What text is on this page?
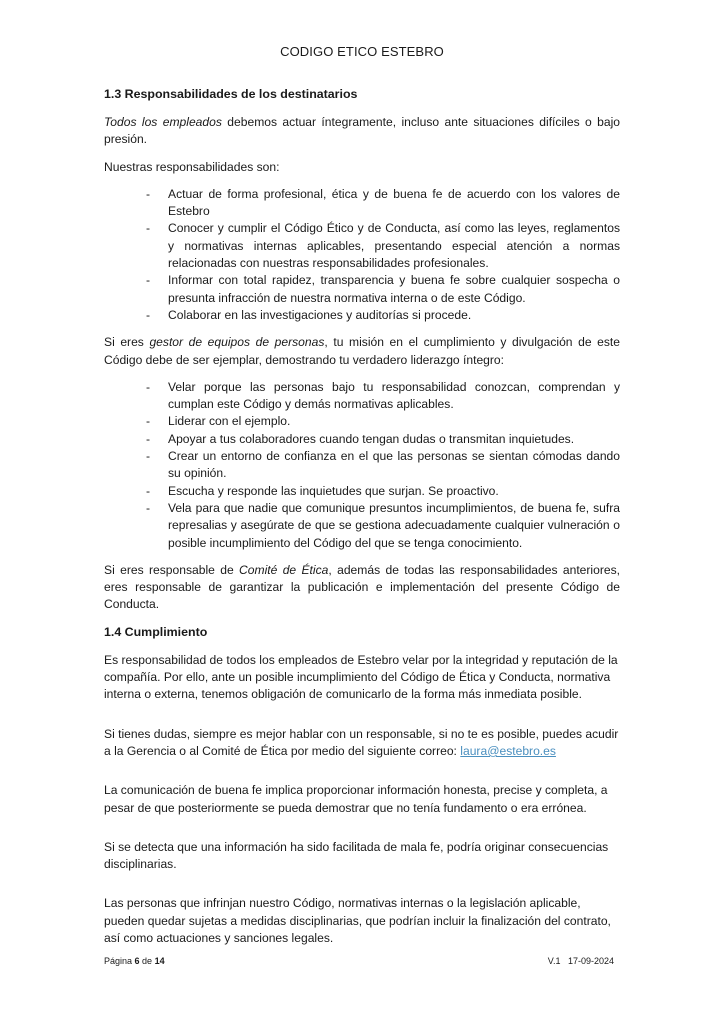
CODIGO ETICO ESTEBRO
1.3 Responsabilidades de los destinatarios

Todos los empleados debemos actuar íntegramente, incluso ante situaciones difíciles o bajo presión.

Nuestras responsabilidades son:

- Actuar de forma profesional, ética y de buena fe de acuerdo con los valores de Estebro
- Conocer y cumplir el Código Ético y de Conducta, así como las leyes, reglamentos y normativas internas aplicables, presentando especial atención a normas relacionadas con nuestras responsabilidades profesionales.
- Informar con total rapidez, transparencia y buena fe sobre cualquier sospecha o presunta infracción de nuestra normativa interna o de este Código.
- Colaborar en las investigaciones y auditorías si procede.

Si eres gestor de equipos de personas, tu misión en el cumplimiento y divulgación de este Código debe de ser ejemplar, demostrando tu verdadero liderazgo íntegro:

- Velar porque las personas bajo tu responsabilidad conozcan, comprendan y cumplan este Código y demás normativas aplicables.
- Liderar con el ejemplo.
- Apoyar a tus colaboradores cuando tengan dudas o transmitan inquietudes.
- Crear un entorno de confianza en el que las personas se sientan cómodas dando su opinión.
- Escucha y responde las inquietudes que surjan. Se proactivo.
- Vela para que nadie que comunique presuntos incumplimientos, de buena fe, sufra represalias y asegúrate de que se gestiona adecuadamente cualquier vulneración o posible incumplimiento del Código del que se tenga conocimiento.

Si eres responsable de Comité de Ética, además de todas las responsabilidades anteriores, eres responsable de garantizar la publicación e implementación del presente Código de Conducta.

1.4 Cumplimiento

Es responsabilidad de todos los empleados de Estebro velar por la integridad y reputación de la compañía. Por ello, ante un posible incumplimiento del Código de Ética y Conducta, normativa interna o externa, tenemos obligación de comunicarlo de la forma más inmediata posible.

Si tienes dudas, siempre es mejor hablar con un responsable, si no te es posible, puedes acudir a la Gerencia o al Comité de Ética por medio del siguiente correo: laura@estebro.es

La comunicación de buena fe implica proporcionar información honesta, precise y completa, a pesar de que posteriormente se pueda demostrar que no tenía fundamento o era errónea.

Si se detecta que una información ha sido facilitada de mala fe, podría originar consecuencias disciplinarias.

Las personas que infrinjan nuestro Código, normativas internas o la legislación aplicable, pueden quedar sujetas a medidas disciplinarias, que podrían incluir la finalización del contrato, así como actuaciones y sanciones legales.

Página 6 de 14	V.1   17-09-2024
